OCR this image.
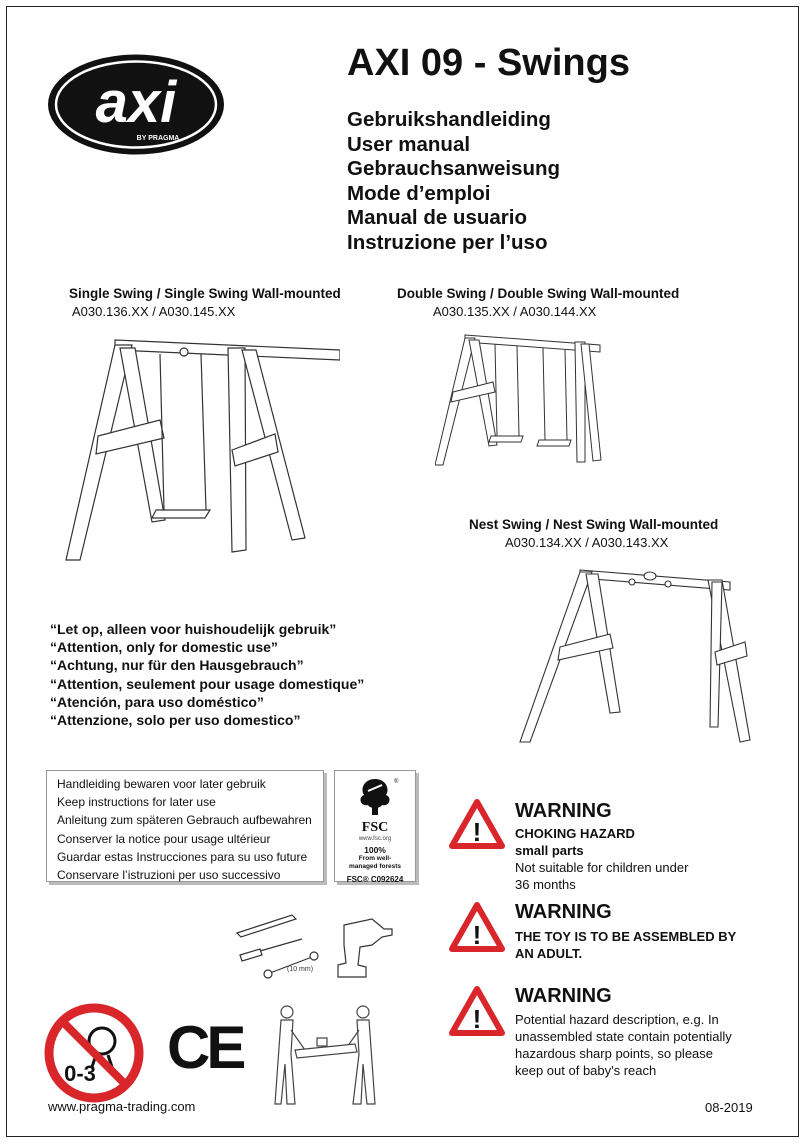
axi
BY PRAGMA
AXI 09 - Swings
Gebruikshandleiding
User manual
Gebrauchsanweisung
Mode d’emploi
Manual de usuario
Instruzione per l’uso
Single Swing / Single Swing Wall-mounted
A030.136.XX / A030.145.XX
Double Swing / Double Swing Wall-mounted
A030.135.XX / A030.144.XX
Nest Swing / Nest Swing Wall-mounted
A030.134.XX / A030.143.XX
“Let op, alleen voor huishoudelijk gebruik”
“Attention, only for domestic use”
“Achtung, nur für den Hausgebrauch”
“Attention, seulement pour usage domestique”
“Atención, para uso doméstico”
“Attenzione, solo per uso domestico”
Handleiding bewaren voor later gebruik
Keep instructions for later use
Anleitung zum späteren Gebrauch aufbewahren
Conserver la notice pour usage ultérieur
Guardar estas Instrucciones para su uso future
Conservare l’istruzioni per uso successivo
®
FSC
www.fsc.org
100%
From well-
managed forests
FSC® C092624
(10 mm)
0-3 CE
!
WARNING
CHOKING HAZARD
small parts
Not suitable for children under
36 months
!
WARNING
THE TOY IS TO BE ASSEMBLED BY
AN ADULT.
!
WARNING
Potential hazard description, e.g. In
unassembled state contain potentially
hazardous sharp points, so please
keep out of baby's reach
www.pragma-trading.com	08-2019
